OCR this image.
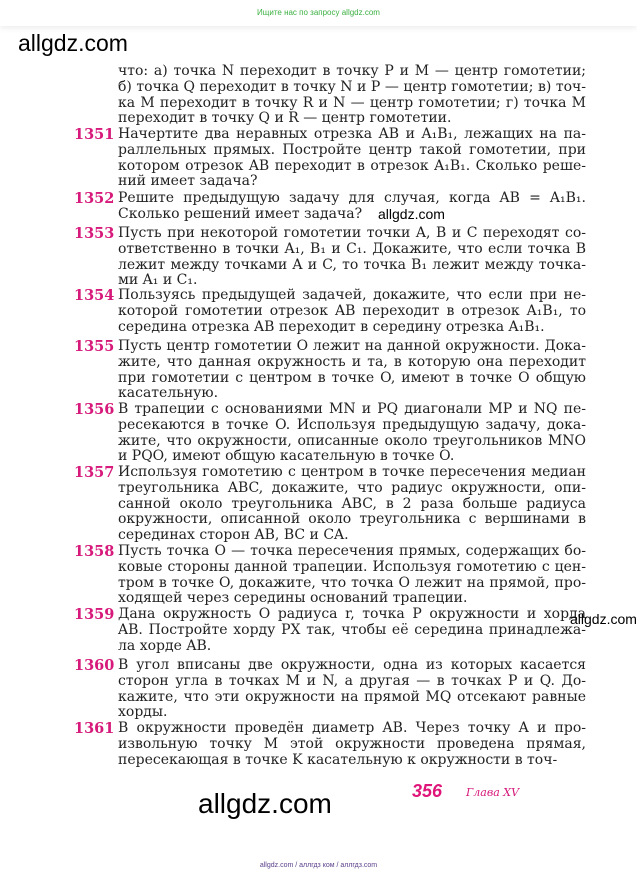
Ищите нас по запросу allgdz.com
что: а) точка N переходит в точку P и M — центр гомотетии;
б) точка Q переходит в точку N и P — центр гомотетии; в) точ-
ка M переходит в точку R и N — центр гомотетии; г) точка M
переходит в точку Q и R — центр гомотетии.
1351 Начертите два неравных отрезка AB и A₁B₁, лежащих на па-
раллельных прямых. Постройте центр такой гомотетии, при
котором отрезок AB переходит в отрезок A₁B₁. Сколько реше-
ний имеет задача?
1352 Решите предыдущую задачу для случая, когда AB = A₁B₁.
Сколько решений имеет задача?
1353 Пусть при некоторой гомотетии точки A, B и C переходят со-
ответственно в точки A₁, B₁ и C₁. Докажите, что если точка B
лежит между точками A и C, то точка B₁ лежит между точка-
ми A₁ и C₁.
1354 Пользуясь предыдущей задачей, докажите, что если при не-
которой гомотетии отрезок AB переходит в отрезок A₁B₁, то
середина отрезка AB переходит в середину отрезка A₁B₁.
1355 Пусть центр гомотетии O лежит на данной окружности. Дока-
жите, что данная окружность и та, в которую она переходит
при гомотетии с центром в точке O, имеют в точке O общую
касательную.
1356 В трапеции с основаниями MN и PQ диагонали MP и NQ пе-
ресекаются в точке O. Используя предыдущую задачу, дока-
жите, что окружности, описанные около треугольников MNO
и PQO, имеют общую касательную в точке O.
1357 Используя гомотетию с центром в точке пересечения медиан
треугольника ABC, докажите, что радиус окружности, опи-
санной около треугольника ABC, в 2 раза больше радиуса
окружности, описанной около треугольника с вершинами в
серединах сторон AB, BC и CA.
1358 Пусть точка O — точка пересечения прямых, содержащих бо-
ковые стороны данной трапеции. Используя гомотетию с цен-
тром в точке O, докажите, что точка O лежит на прямой, про-
ходящей через середины оснований трапеции.
1359 Дана окружность O радиуса r, точка P окружности и хорда
AB. Постройте хорду PX так, чтобы её середина принадлежа-
ла хорде AB.
1360 В угол вписаны две окружности, одна из которых касается
сторон угла в точках M и N, а другая — в точках P и Q. До-
кажите, что эти окружности на прямой MQ отсекают равные
хорды.
1361 В окружности проведён диаметр AB. Через точку A и про-
извольную точку M этой окружности проведена прямая,
пересекающая в точке K касательную к окружности в точ-
allgdz.com
allgdz.com
allgdz.com
allgdz.com	356 Глава XV
allgdz.com / аллгдз ком / аллгдз.com
